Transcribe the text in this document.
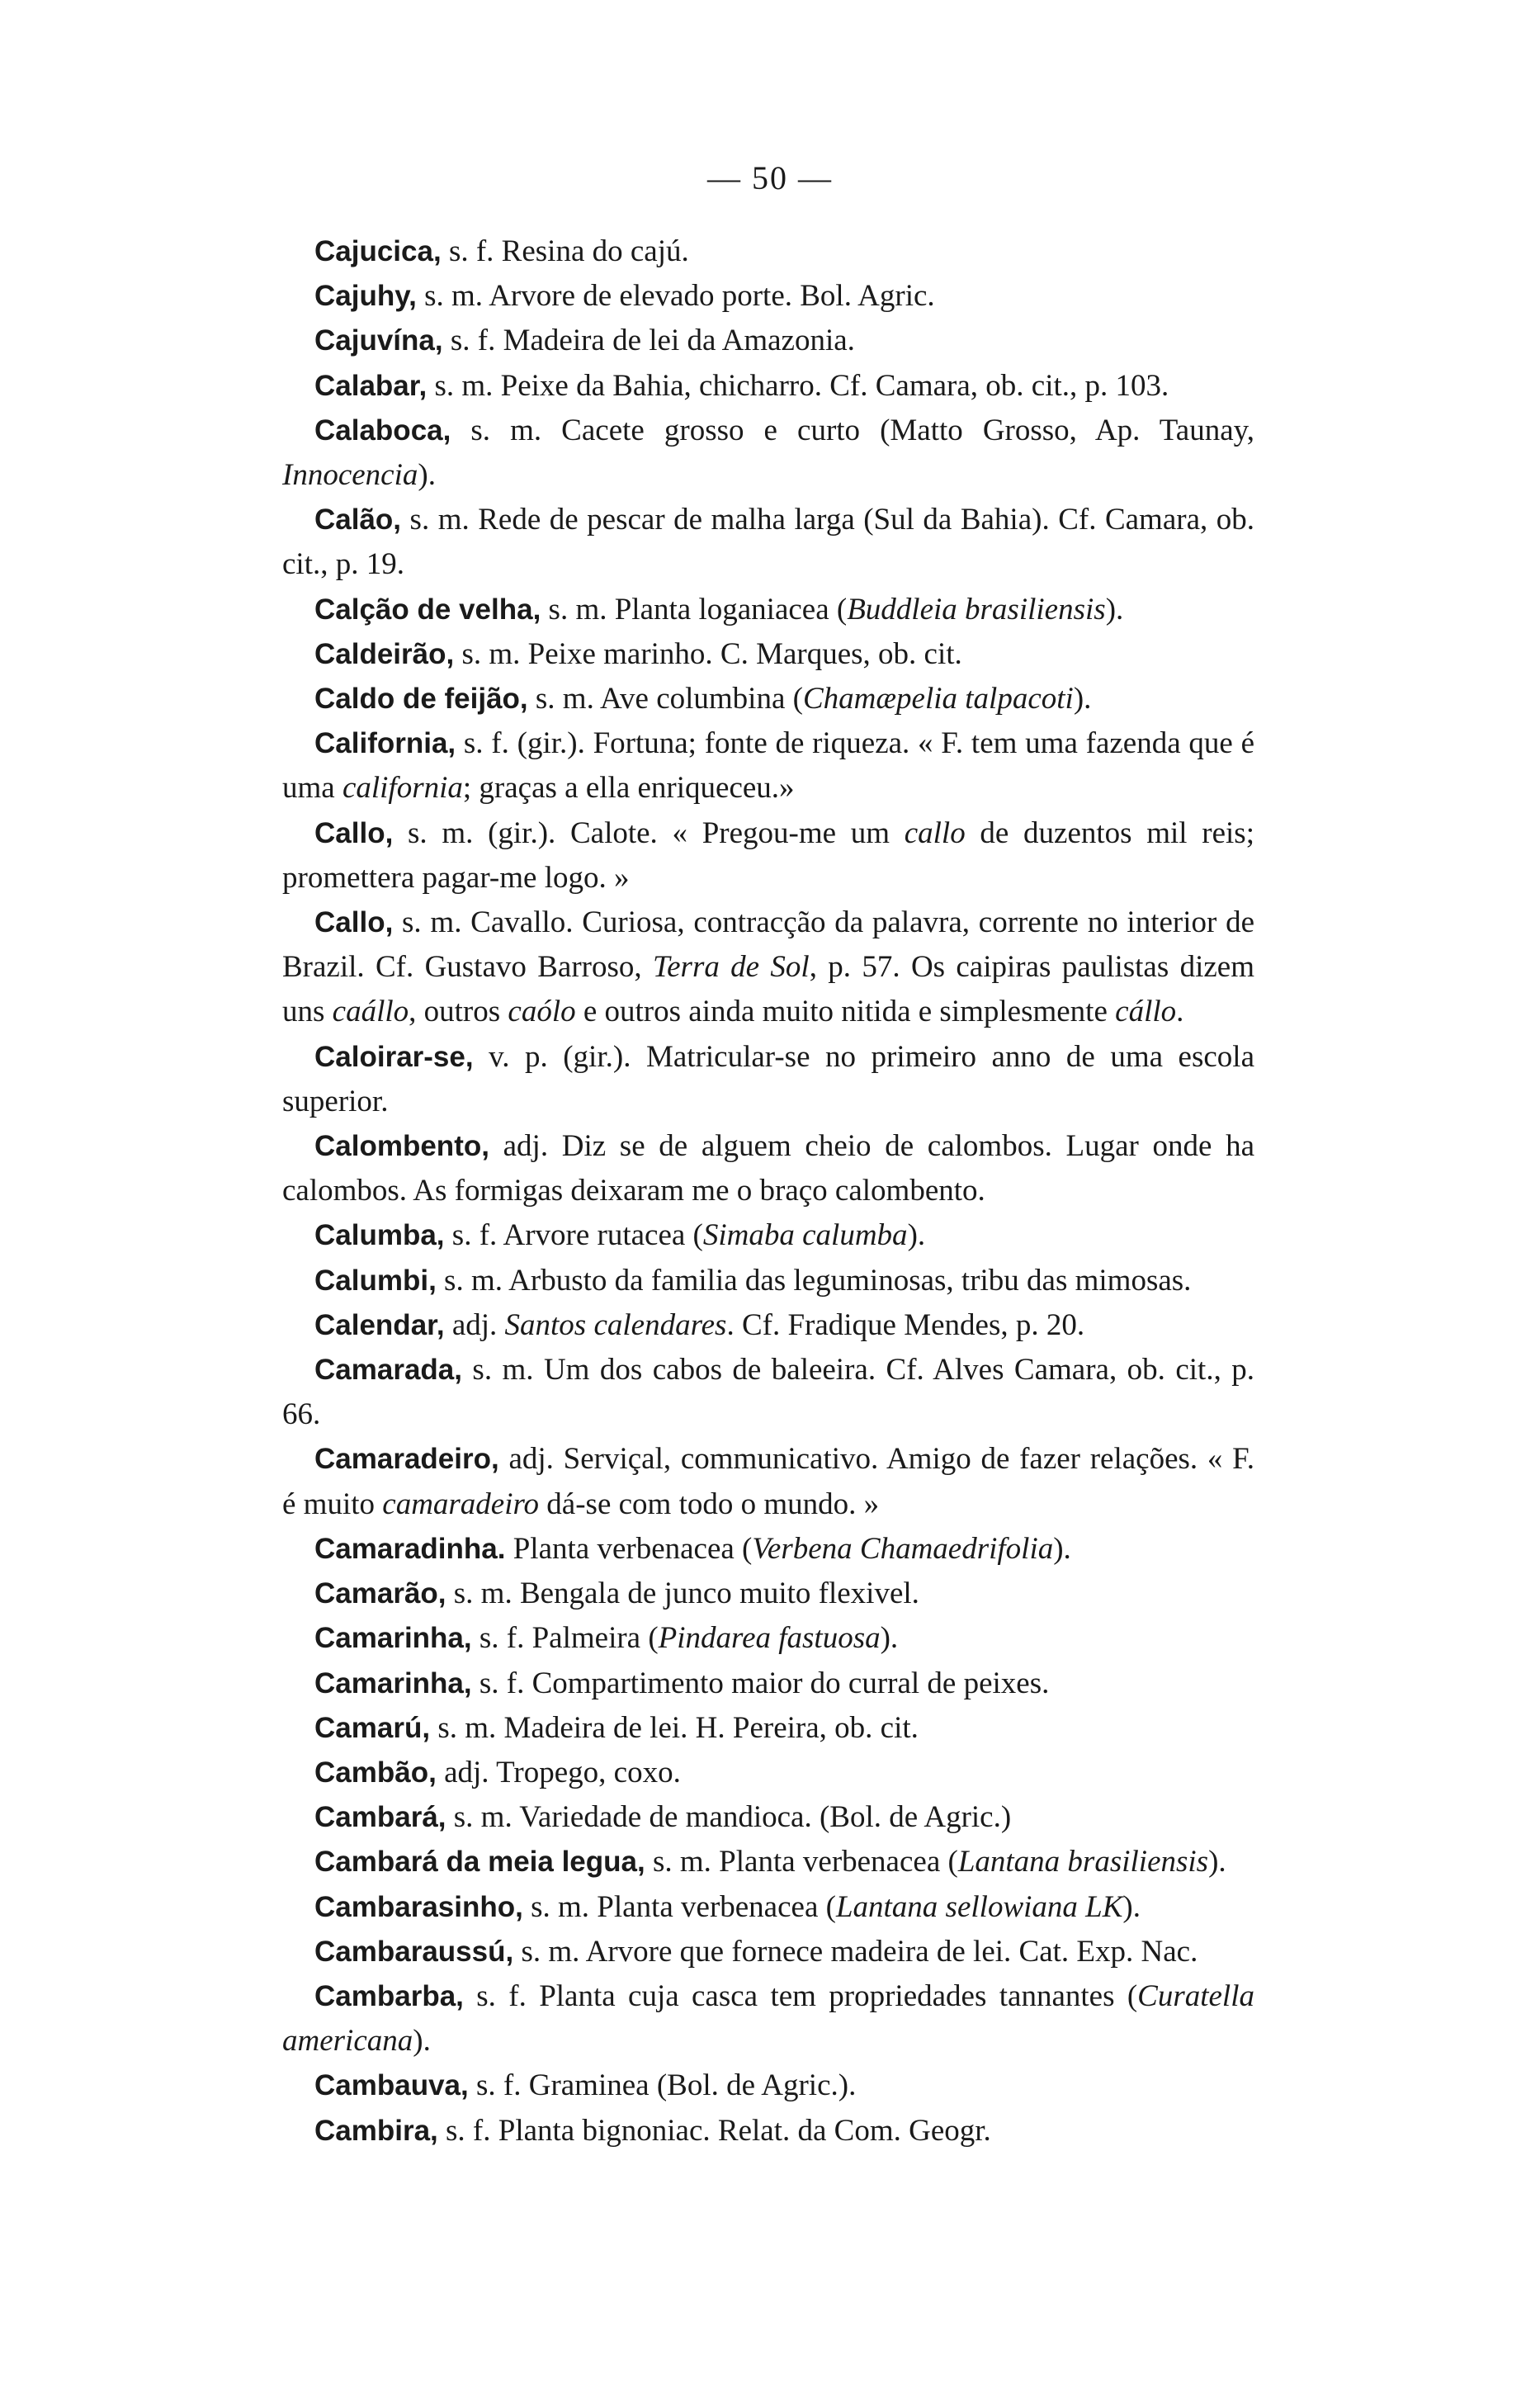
— 50 —

Cajucica, s. f. Resina do cajú.

Cajuhy, s. m. Arvore de elevado porte. Bol. Agric.

Cajuvína, s. f. Madeira de lei da Amazonia.

Calabar, s. m. Peixe da Bahia, chicharro. Cf. Camara, ob. cit., p. 103.

Calaboca, s. m. Cacete grosso e curto (Matto Grosso, Ap. Taunay, Innocencia).

Calão, s. m. Rede de pescar de malha larga (Sul da Bahia). Cf. Camara, ob. cit., p. 19.

Calção de velha, s. m. Planta loganiacea (Buddleia brasiliensis).

Caldeirão, s. m. Peixe marinho. C. Marques, ob. cit.

Caldo de feijão, s. m. Ave columbina (Chamæpelia talpacoti).

California, s. f. (gir.). Fortuna; fonte de riqueza. « F. tem uma fazenda que é uma california; graças a ella enriqueceu.»

Callo, s. m. (gir.). Calote. « Pregou-me um callo de duzentos mil reis; promettera pagar-me logo. »

Callo, s. m. Cavallo. Curiosa, contracção da palavra, corrente no interior de Brazil. Cf. Gustavo Barroso, Terra de Sol, p. 57. Os caipiras paulistas dizem uns caállo, outros caólo e outros ainda muito nitida e simplesmente cállo.

Caloirar-se, v. p. (gir.). Matricular-se no primeiro anno de uma escola superior.

Calombento, adj. Diz se de alguem cheio de calombos. Lugar onde ha calombos. As formigas deixaram me o braço calombento.

Calumba, s. f. Arvore rutacea (Simaba calumba).

Calumbi, s. m. Arbusto da familia das leguminosas, tribu das mimosas.

Calendar, adj. Santos calendares. Cf. Fradique Mendes, p. 20.

Camarada, s. m. Um dos cabos de baleeira. Cf. Alves Camara, ob. cit., p. 66.

Camaradeiro, adj. Serviçal, communicativo. Amigo de fazer relações. « F. é muito camaradeiro dá-se com todo o mundo. »

Camaradinha. Planta verbenacea (Verbena Chamaedrifolia).

Camarão, s. m. Bengala de junco muito flexivel.

Camarinha, s. f. Palmeira (Pindarea fastuosa).

Camarinha, s. f. Compartimento maior do curral de peixes.

Camarú, s. m. Madeira de lei. H. Pereira, ob. cit.

Cambão, adj. Tropego, coxo.

Cambará, s. m. Variedade de mandioca. (Bol. de Agric.)

Cambará da meia legua, s. m. Planta verbenacea (Lantana brasiliensis).

Cambarasinho, s. m. Planta verbenacea (Lantana sellowiana LK).

Cambaraussú, s. m. Arvore que fornece madeira de lei. Cat. Exp. Nac.

Cambarba, s. f. Planta cuja casca tem propriedades tannantes (Curatella americana).

Cambauva, s. f. Graminea (Bol. de Agric.).

Cambira, s. f. Planta bignoniac. Relat. da Com. Geogr.
